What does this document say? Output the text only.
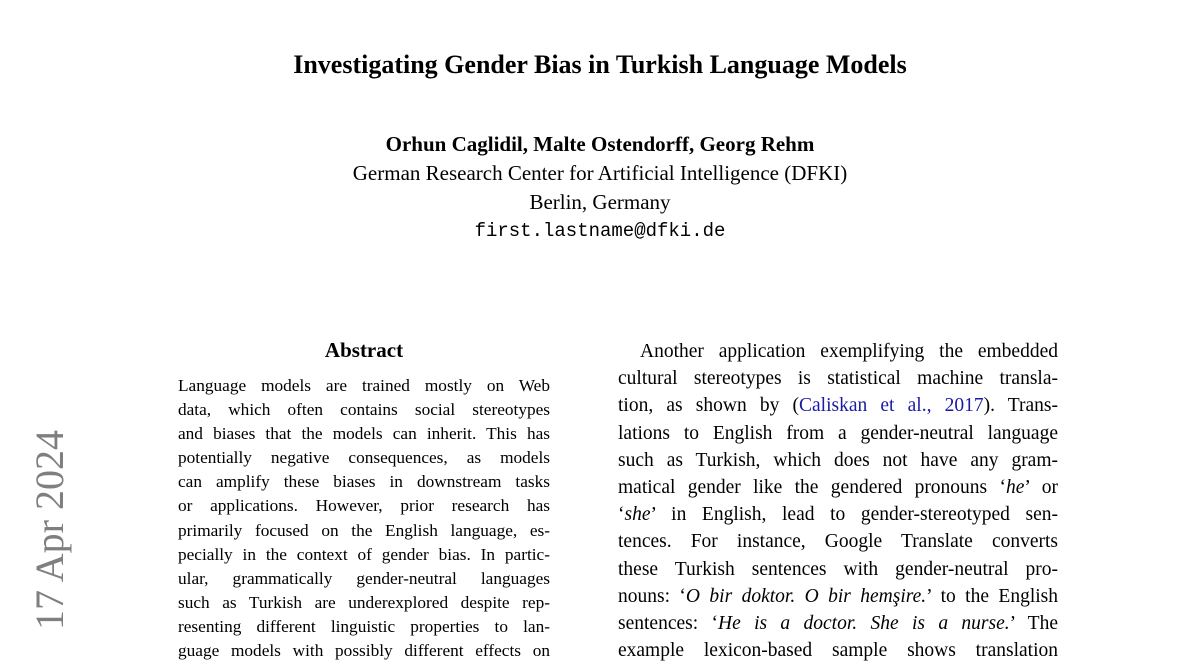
17 Apr 2024
Investigating Gender Bias in Turkish Language Models
Orhun Caglidil, Malte Ostendorff, Georg Rehm
German Research Center for Artificial Intelligence (DFKI)
Berlin, Germany
first.lastname@dfki.de
Abstract
Language models are trained mostly on Web
data, which often contains social stereotypes
and biases that the models can inherit. This has
potentially negative consequences, as models
can amplify these biases in downstream tasks
or applications. However, prior research has
primarily focused on the English language, es-
pecially in the context of gender bias. In partic-
ular, grammatically gender-neutral languages
such as Turkish are underexplored despite rep-
resenting different linguistic properties to lan-
guage models with possibly different effects on
Another application exemplifying the embedded
cultural stereotypes is statistical machine transla-
tion, as shown by (Caliskan et al., 2017). Trans-
lations to English from a gender-neutral language
such as Turkish, which does not have any gram-
matical gender like the gendered pronouns ‘he’ or
‘she’ in English, lead to gender-stereotyped sen-
tences. For instance, Google Translate converts
these Turkish sentences with gender-neutral pro-
nouns: ‘O bir doktor. O bir hemşire.’ to the English
sentences: ‘He is a doctor. She is a nurse.’ The
example lexicon-based sample shows translation
